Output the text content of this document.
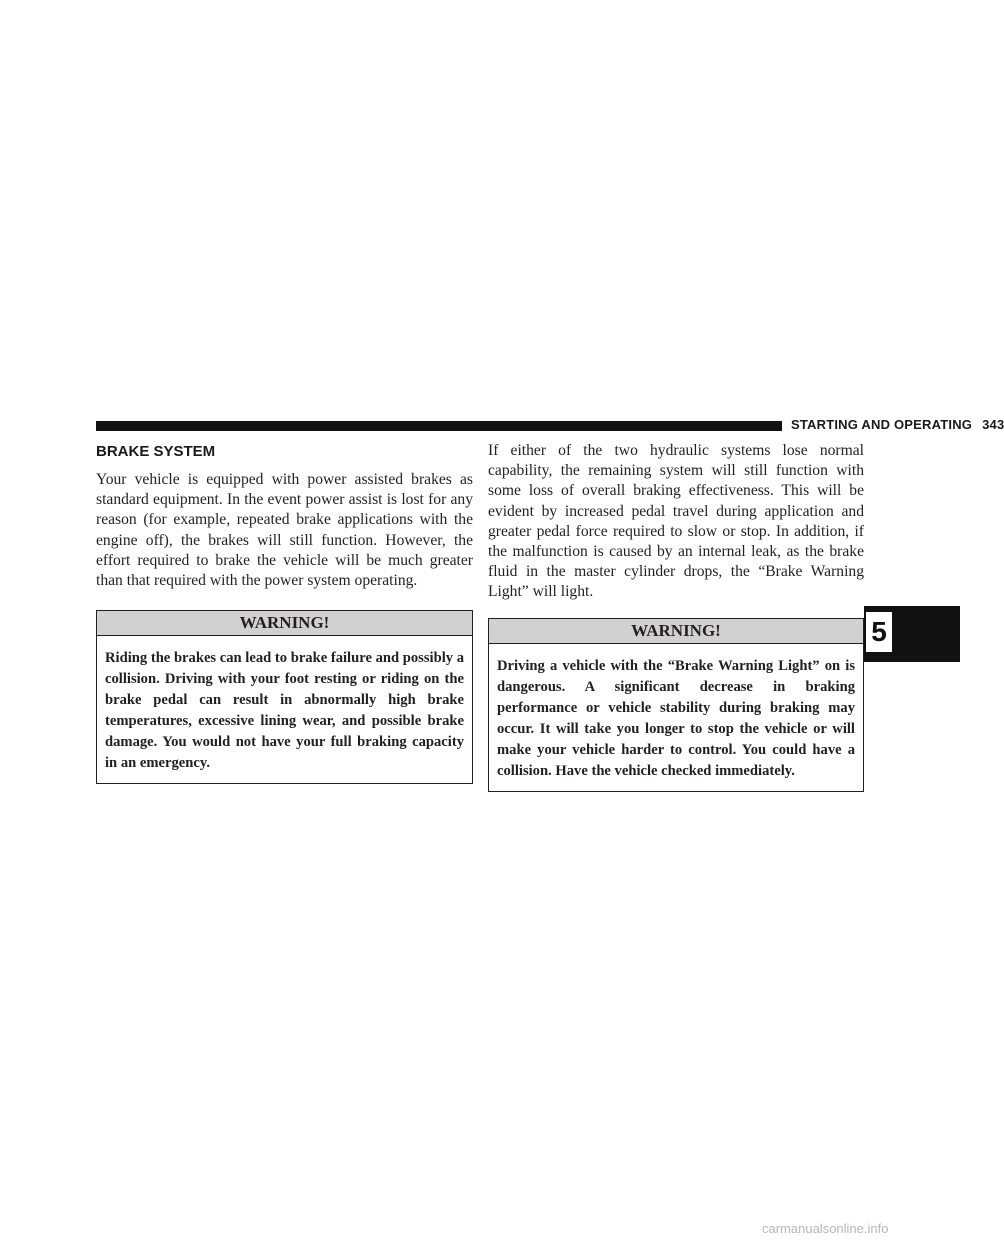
STARTING AND OPERATING 343
BRAKE SYSTEM

Your vehicle is equipped with power assisted brakes as standard equipment. In the event power assist is lost for any reason (for example, repeated brake applications with the engine off), the brakes will still function. However, the effort required to brake the vehicle will be much greater than that required with the power system operating.

WARNING!
Riding the brakes can lead to brake failure and possibly a collision. Driving with your foot resting or riding on the brake pedal can result in abnormally high brake temperatures, excessive lining wear, and possible brake damage. You would not have your full braking capacity in an emergency.

If either of the two hydraulic systems lose normal capability, the remaining system will still function with some loss of overall braking effectiveness. This will be evident by increased pedal travel during application and greater pedal force required to slow or stop. In addition, if the malfunction is caused by an internal leak, as the brake fluid in the master cylinder drops, the “Brake Warning Light” will light.

WARNING!
Driving a vehicle with the “Brake Warning Light” on is dangerous. A significant decrease in braking performance or vehicle stability during braking may occur. It will take you longer to stop the vehicle or will make your vehicle harder to control. You could have a collision. Have the vehicle checked immediately.
5
carmanualsonline.info
